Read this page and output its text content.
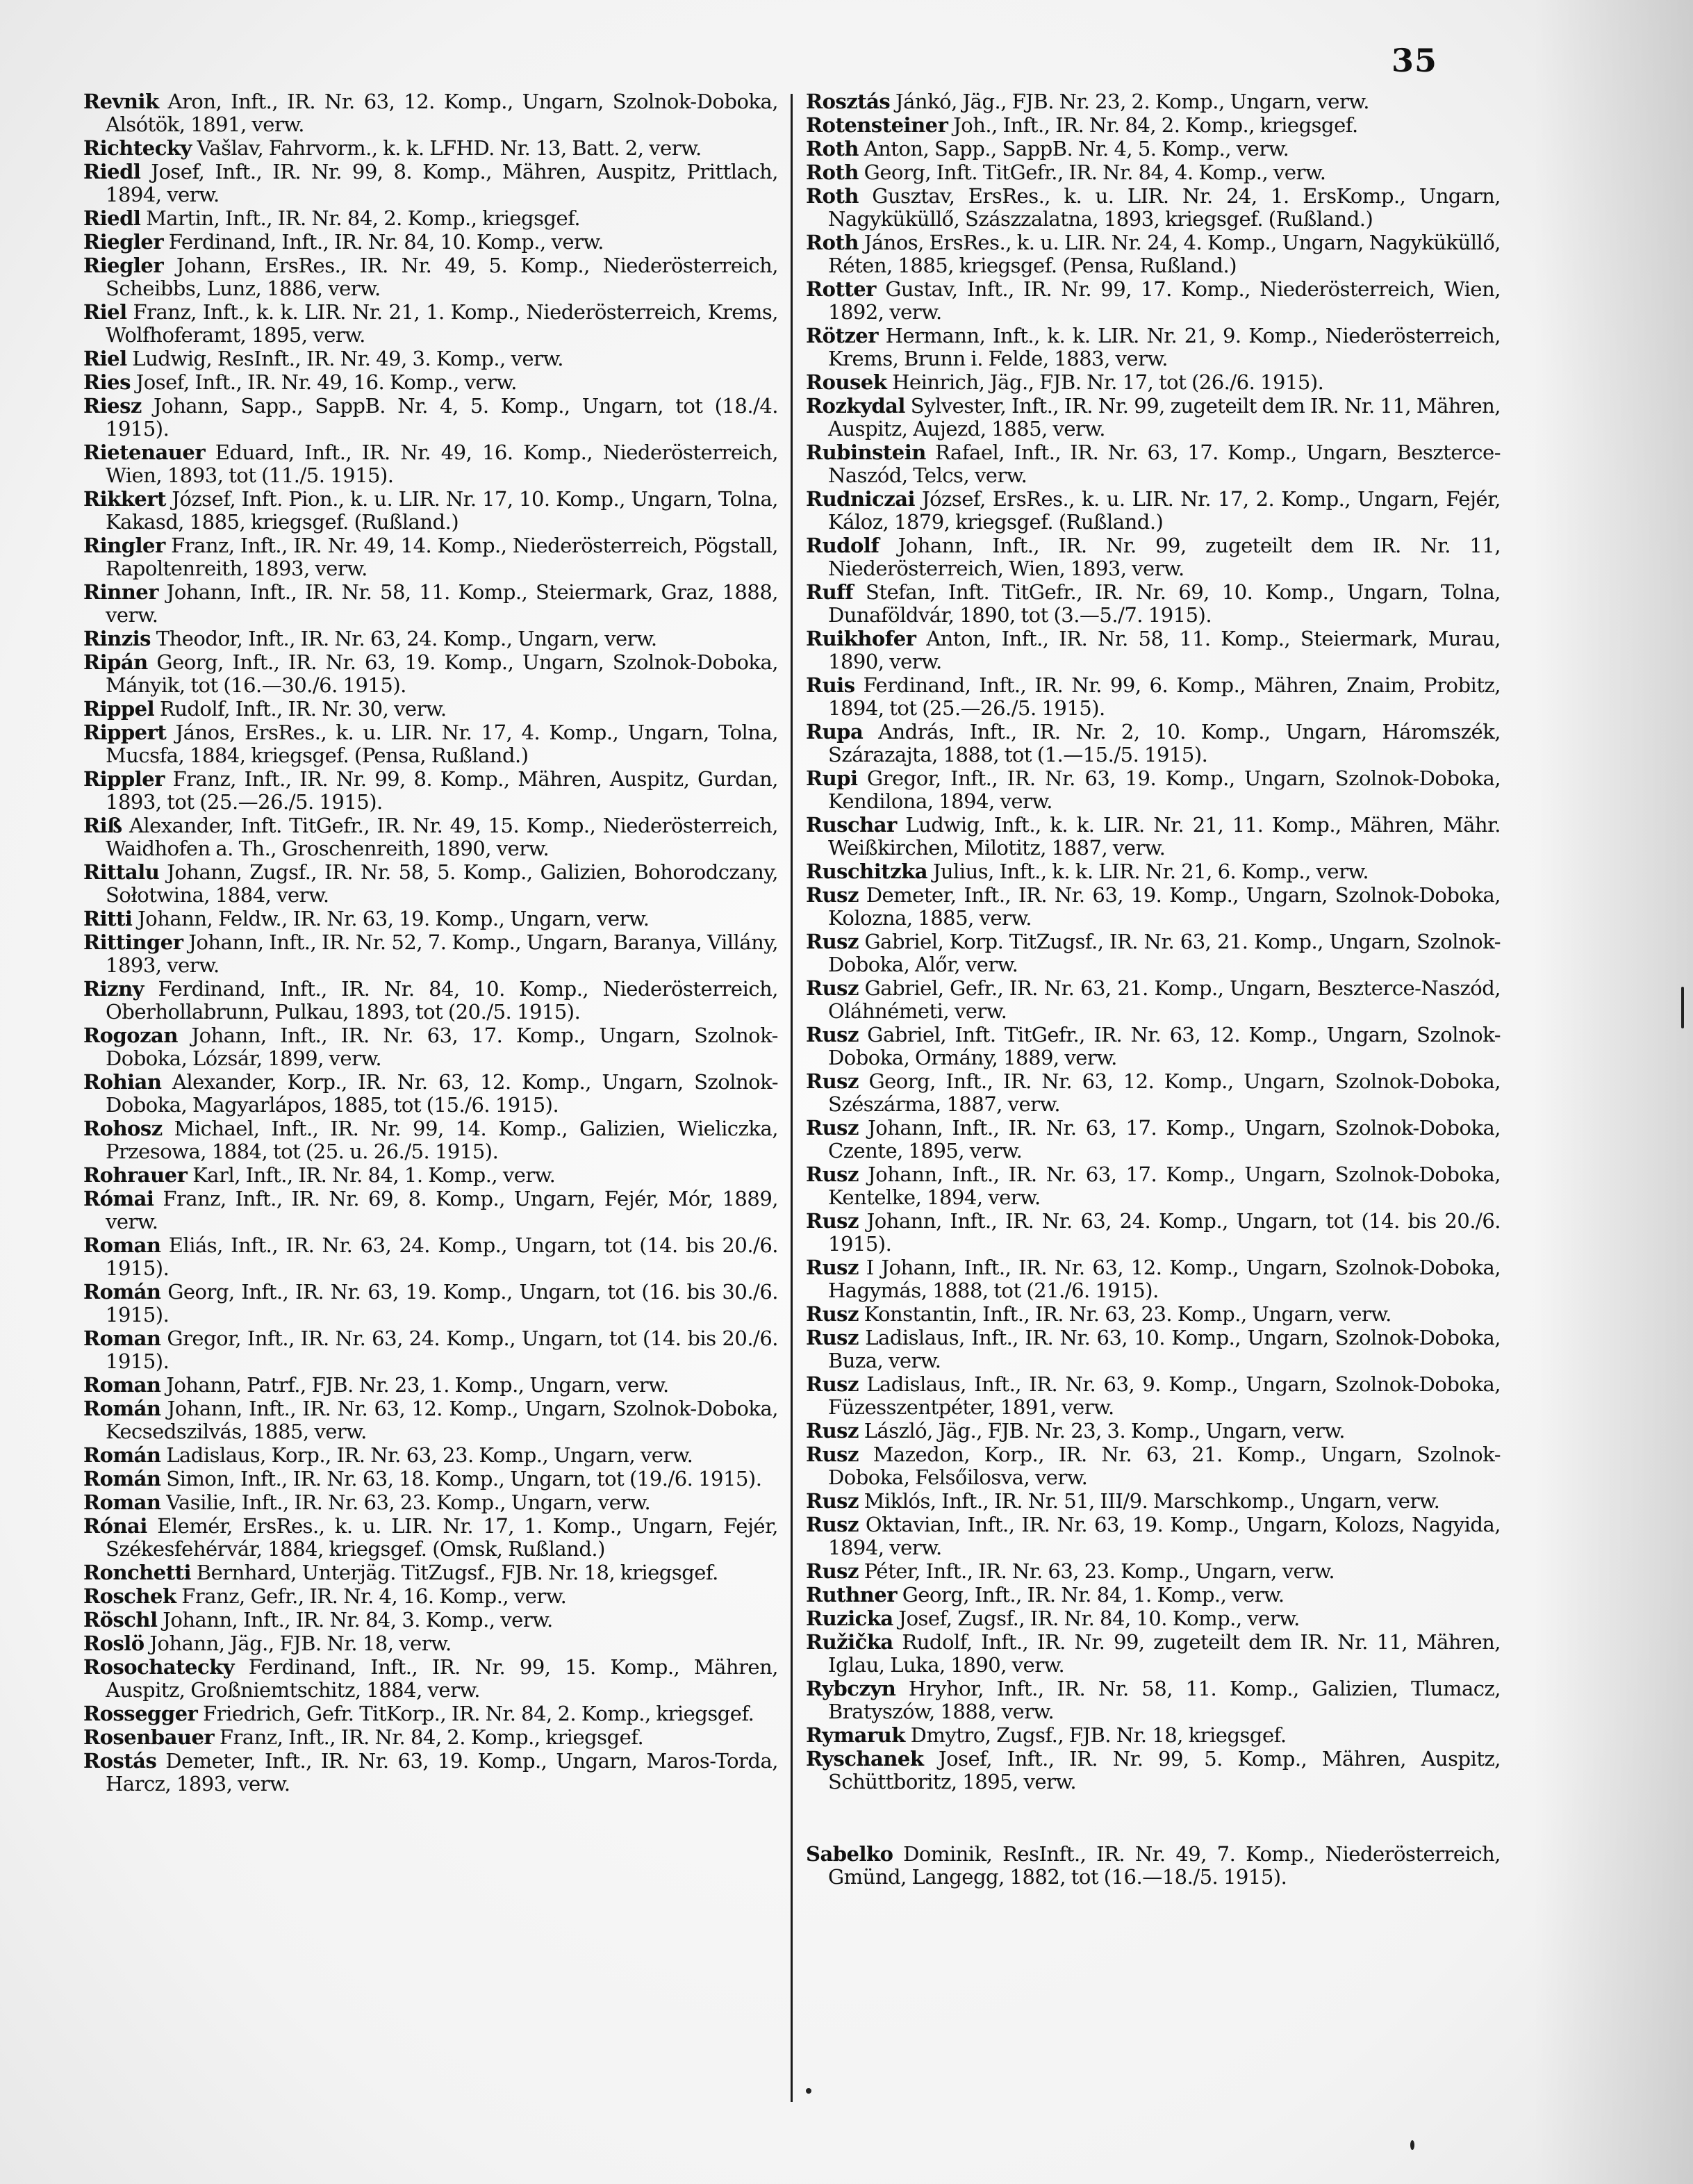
35

Revnik Aron, Inft., IR. Nr. 63, 12. Komp., Ungarn, Szolnok-Doboka, Alsótök, 1891, verw.

Richtecky Vašlav, Fahrvorm., k. k. LFHD. Nr. 13, Batt. 2, verw.

Riedl Josef, Inft., IR. Nr. 99, 8. Komp., Mähren, Auspitz, Prittlach, 1894, verw.

Riedl Martin, Inft., IR. Nr. 84, 2. Komp., kriegsgef.

Riegler Ferdinand, Inft., IR. Nr. 84, 10. Komp., verw.

Riegler Johann, ErsRes., IR. Nr. 49, 5. Komp., Niederösterreich, Scheibbs, Lunz, 1886, verw.

Riel Franz, Inft., k. k. LIR. Nr. 21, 1. Komp., Niederösterreich, Krems, Wolfhoferamt, 1895, verw.

Riel Ludwig, ResInft., IR. Nr. 49, 3. Komp., verw.

Ries Josef, Inft., IR. Nr. 49, 16. Komp., verw.

Riesz Johann, Sapp., SappB. Nr. 4, 5. Komp., Ungarn, tot (18./4. 1915).

Rietenauer Eduard, Inft., IR. Nr. 49, 16. Komp., Niederösterreich, Wien, 1893, tot (11./5. 1915).

Rikkert József, Inft. Pion., k. u. LIR. Nr. 17, 10. Komp., Ungarn, Tolna, Kakasd, 1885, kriegsgef. (Rußland.)

Ringler Franz, Inft., IR. Nr. 49, 14. Komp., Niederösterreich, Pögstall, Rapoltenreith, 1893, verw.

Rinner Johann, Inft., IR. Nr. 58, 11. Komp., Steiermark, Graz, 1888, verw.

Rinzis Theodor, Inft., IR. Nr. 63, 24. Komp., Ungarn, verw.

Ripán Georg, Inft., IR. Nr. 63, 19. Komp., Ungarn, Szolnok-Doboka, Mányik, tot (16.—30./6. 1915).

Rippel Rudolf, Inft., IR. Nr. 30, verw.

Rippert János, ErsRes., k. u. LIR. Nr. 17, 4. Komp., Ungarn, Tolna, Mucsfa, 1884, kriegsgef. (Pensa, Rußland.)

Rippler Franz, Inft., IR. Nr. 99, 8. Komp., Mähren, Auspitz, Gurdan, 1893, tot (25.—26./5. 1915).

Riß Alexander, Inft. TitGefr., IR. Nr. 49, 15. Komp., Niederösterreich, Waidhofen a. Th., Groschenreith, 1890, verw.

Rittalu Johann, Zugsf., IR. Nr. 58, 5. Komp., Galizien, Bohorodczany, Sołotwina, 1884, verw.

Ritti Johann, Feldw., IR. Nr. 63, 19. Komp., Ungarn, verw.

Rittinger Johann, Inft., IR. Nr. 52, 7. Komp., Ungarn, Baranya, Villány, 1893, verw.

Rizny Ferdinand, Inft., IR. Nr. 84, 10. Komp., Niederösterreich, Oberhollabrunn, Pulkau, 1893, tot (20./5. 1915).

Rogozan Johann, Inft., IR. Nr. 63, 17. Komp., Ungarn, Szolnok-Doboka, Lózsár, 1899, verw.

Rohian Alexander, Korp., IR. Nr. 63, 12. Komp., Ungarn, Szolnok-Doboka, Magyarlápos, 1885, tot (15./6. 1915).

Rohosz Michael, Inft., IR. Nr. 99, 14. Komp., Galizien, Wieliczka, Przesowa, 1884, tot (25. u. 26./5. 1915).

Rohrauer Karl, Inft., IR. Nr. 84, 1. Komp., verw.

Római Franz, Inft., IR. Nr. 69, 8. Komp., Ungarn, Fejér, Mór, 1889, verw.

Roman Eliás, Inft., IR. Nr. 63, 24. Komp., Ungarn, tot (14. bis 20./6. 1915).

Román Georg, Inft., IR. Nr. 63, 19. Komp., Ungarn, tot (16. bis 30./6. 1915).

Roman Gregor, Inft., IR. Nr. 63, 24. Komp., Ungarn, tot (14. bis 20./6. 1915).

Roman Johann, Patrf., FJB. Nr. 23, 1. Komp., Ungarn, verw.

Román Johann, Inft., IR. Nr. 63, 12. Komp., Ungarn, Szolnok-Doboka, Kecsedszilvás, 1885, verw.

Román Ladislaus, Korp., IR. Nr. 63, 23. Komp., Ungarn, verw.

Román Simon, Inft., IR. Nr. 63, 18. Komp., Ungarn, tot (19./6. 1915).

Roman Vasilie, Inft., IR. Nr. 63, 23. Komp., Ungarn, verw.

Rónai Elemér, ErsRes., k. u. LIR. Nr. 17, 1. Komp., Ungarn, Fejér, Székesfehérvár, 1884, kriegsgef. (Omsk, Rußland.)

Ronchetti Bernhard, Unterjäg. TitZugsf., FJB. Nr. 18, kriegsgef.

Roschek Franz, Gefr., IR. Nr. 4, 16. Komp., verw.

Röschl Johann, Inft., IR. Nr. 84, 3. Komp., verw.

Roslö Johann, Jäg., FJB. Nr. 18, verw.

Rosochatecky Ferdinand, Inft., IR. Nr. 99, 15. Komp., Mähren, Auspitz, Großniemtschitz, 1884, verw.

Rossegger Friedrich, Gefr. TitKorp., IR. Nr. 84, 2. Komp., kriegsgef.

Rosenbauer Franz, Inft., IR. Nr. 84, 2. Komp., kriegsgef.

Rostás Demeter, Inft., IR. Nr. 63, 19. Komp., Ungarn, Maros-Torda, Harcz, 1893, verw.

Rosztás Jánkó, Jäg., FJB. Nr. 23, 2. Komp., Ungarn, verw.

Rotensteiner Joh., Inft., IR. Nr. 84, 2. Komp., kriegsgef.

Roth Anton, Sapp., SappB. Nr. 4, 5. Komp., verw.

Roth Georg, Inft. TitGefr., IR. Nr. 84, 4. Komp., verw.

Roth Gusztav, ErsRes., k. u. LIR. Nr. 24, 1. ErsKomp., Ungarn, Nagyküküllő, Szászzalatna, 1893, kriegsgef. (Rußland.)

Roth János, ErsRes., k. u. LIR. Nr. 24, 4. Komp., Ungarn, Nagyküküllő, Réten, 1885, kriegsgef. (Pensa, Rußland.)

Rotter Gustav, Inft., IR. Nr. 99, 17. Komp., Niederösterreich, Wien, 1892, verw.

Rötzer Hermann, Inft., k. k. LIR. Nr. 21, 9. Komp., Niederösterreich, Krems, Brunn i. Felde, 1883, verw.

Rousek Heinrich, Jäg., FJB. Nr. 17, tot (26./6. 1915).

Rozkydal Sylvester, Inft., IR. Nr. 99, zugeteilt dem IR. Nr. 11, Mähren, Auspitz, Aujezd, 1885, verw.

Rubinstein Rafael, Inft., IR. Nr. 63, 17. Komp., Ungarn, Beszterce-Naszód, Telcs, verw.

Rudniczai József, ErsRes., k. u. LIR. Nr. 17, 2. Komp., Ungarn, Fejér, Káloz, 1879, kriegsgef. (Rußland.)

Rudolf Johann, Inft., IR. Nr. 99, zugeteilt dem IR. Nr. 11, Niederösterreich, Wien, 1893, verw.

Ruff Stefan, Inft. TitGefr., IR. Nr. 69, 10. Komp., Ungarn, Tolna, Dunaföldvár, 1890, tot (3.—5./7. 1915).

Ruikhofer Anton, Inft., IR. Nr. 58, 11. Komp., Steiermark, Murau, 1890, verw.

Ruis Ferdinand, Inft., IR. Nr. 99, 6. Komp., Mähren, Znaim, Probitz, 1894, tot (25.—26./5. 1915).

Rupa András, Inft., IR. Nr. 2, 10. Komp., Ungarn, Háromszék, Szárazajta, 1888, tot (1.—15./5. 1915).

Rupi Gregor, Inft., IR. Nr. 63, 19. Komp., Ungarn, Szolnok-Doboka, Kendilona, 1894, verw.

Ruschar Ludwig, Inft., k. k. LIR. Nr. 21, 11. Komp., Mähren, Mähr. Weißkirchen, Milotitz, 1887, verw.

Ruschitzka Julius, Inft., k. k. LIR. Nr. 21, 6. Komp., verw.

Rusz Demeter, Inft., IR. Nr. 63, 19. Komp., Ungarn, Szolnok-Doboka, Kolozna, 1885, verw.

Rusz Gabriel, Korp. TitZugsf., IR. Nr. 63, 21. Komp., Ungarn, Szolnok-Doboka, Alőr, verw.

Rusz Gabriel, Gefr., IR. Nr. 63, 21. Komp., Ungarn, Beszterce-Naszód, Oláhnémeti, verw.

Rusz Gabriel, Inft. TitGefr., IR. Nr. 63, 12. Komp., Ungarn, Szolnok-Doboka, Ormány, 1889, verw.

Rusz Georg, Inft., IR. Nr. 63, 12. Komp., Ungarn, Szolnok-Doboka, Szészárma, 1887, verw.

Rusz Johann, Inft., IR. Nr. 63, 17. Komp., Ungarn, Szolnok-Doboka, Czente, 1895, verw.

Rusz Johann, Inft., IR. Nr. 63, 17. Komp., Ungarn, Szolnok-Doboka, Kentelke, 1894, verw.

Rusz Johann, Inft., IR. Nr. 63, 24. Komp., Ungarn, tot (14. bis 20./6. 1915).

Rusz I Johann, Inft., IR. Nr. 63, 12. Komp., Ungarn, Szolnok-Doboka, Hagymás, 1888, tot (21./6. 1915).

Rusz Konstantin, Inft., IR. Nr. 63, 23. Komp., Ungarn, verw.

Rusz Ladislaus, Inft., IR. Nr. 63, 10. Komp., Ungarn, Szolnok-Doboka, Buza, verw.

Rusz Ladislaus, Inft., IR. Nr. 63, 9. Komp., Ungarn, Szolnok-Doboka, Füzesszentpéter, 1891, verw.

Rusz László, Jäg., FJB. Nr. 23, 3. Komp., Ungarn, verw.

Rusz Mazedon, Korp., IR. Nr. 63, 21. Komp., Ungarn, Szolnok-Doboka, Felsőilosva, verw.

Rusz Miklós, Inft., IR. Nr. 51, III/9. Marschkomp., Ungarn, verw.

Rusz Oktavian, Inft., IR. Nr. 63, 19. Komp., Ungarn, Kolozs, Nagyida, 1894, verw.

Rusz Péter, Inft., IR. Nr. 63, 23. Komp., Ungarn, verw.

Ruthner Georg, Inft., IR. Nr. 84, 1. Komp., verw.

Ruzicka Josef, Zugsf., IR. Nr. 84, 10. Komp., verw.

Ružička Rudolf, Inft., IR. Nr. 99, zugeteilt dem IR. Nr. 11, Mähren, Iglau, Luka, 1890, verw.

Rybczyn Hryhor, Inft., IR. Nr. 58, 11. Komp., Galizien, Tlumacz, Bratyszów, 1888, verw.

Rymaruk Dmytro, Zugsf., FJB. Nr. 18, kriegsgef.

Ryschanek Josef, Inft., IR. Nr. 99, 5. Komp., Mähren, Auspitz, Schüttboritz, 1895, verw.

Sabelko Dominik, ResInft., IR. Nr. 49, 7. Komp., Niederösterreich, Gmünd, Langegg, 1882, tot (16.—18./5. 1915).
